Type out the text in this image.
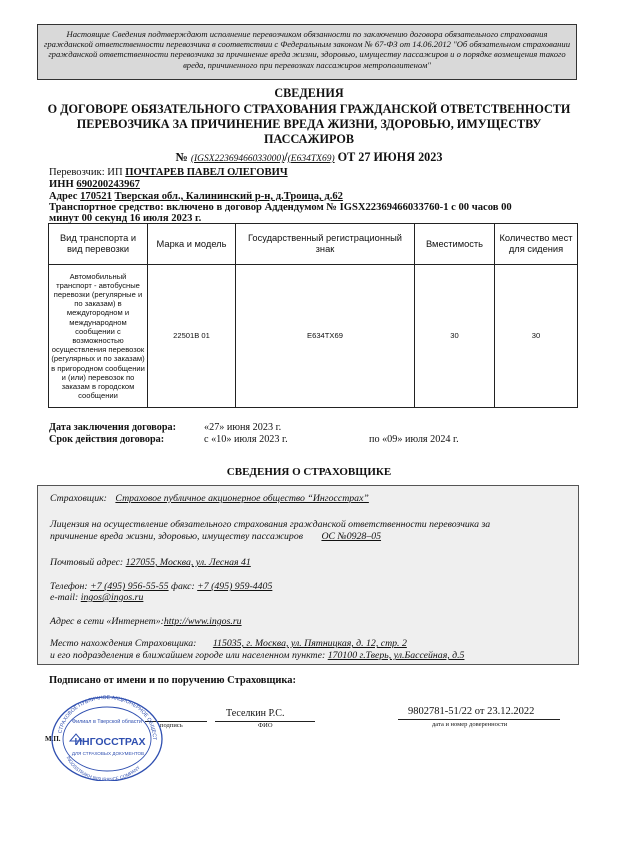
Настоящие Сведения подтверждают исполнение перевозчиком обязанности по заключению договора обязательного страхования гражданской ответственности перевозчика в соответствии с Федеральным законом № 67-ФЗ от 14.06.2012 "Об обязательном страховании гражданской ответственности перевозчика за причинение вреда жизни, здоровью, имуществу пассажиров и о порядке возмещения такого вреда, причиненного при перевозках пассажиров метрополитеном"
СВЕДЕНИЯ
О ДОГОВОРЕ ОБЯЗАТЕЛЬНОГО СТРАХОВАНИЯ ГРАЖДАНСКОЙ ОТВЕТСТВЕННОСТИ
ПЕРЕВОЗЧИКА ЗА ПРИЧИНЕНИЕ ВРЕДА ЖИЗНИ, ЗДОРОВЬЮ, ИМУЩЕСТВУ
ПАССАЖИРОВ
№ (IGSX22369466033000)/(E634TX69) ОТ 27 ИЮНЯ 2023
Перевозчик: ИП ПОЧТАРЕВ ПАВЕЛ ОЛЕГОВИЧ
ИНН 690200243967
Адрес 170521 Тверская обл., Калининский р-н, д.Троица, д.62
Транспортное средство: включено в договор Аддендумом № IGSX22369466033760-1 с 00 часов 00
минут 00 секунд 16 июля 2023 г.
Вид транспорта и вид перевозки	Марка и модель	Государственный регистрационный знак	Вместимость	Количество мест для сидения
Автомобильный транспорт - автобусные перевозки (регулярные и по заказам) в междугородном и международном сообщении с возможностью осуществления перевозок (регулярных и по заказам) в пригородном сообщении и (или) перевозок по заказам в городском сообщении	22501В 01	Е634ТХ69	30	30
Дата заключения договора:	«27» июня 2023 г.
Срок действия договора:	с «10» июля 2023 г.	по «09» июля 2024 г.
СВЕДЕНИЯ О СТРАХОВЩИКЕ
Страховщик: Страховое публичное акционерное общество “Ингосстрах”
Лицензия на осуществление обязательного страхования гражданской ответственности перевозчика за
причинение вреда жизни, здоровью, имуществу пассажиров ОС №0928–05
Почтовый адрес: 127055, Москва, ул. Лесная 41
Телефон: +7 (495) 956-55-55 факс: +7 (495) 959-4405
e-mail: ingos@ingos.ru
Адрес в сети «Интернет»:http://www.ingos.ru
Место нахождения Страховщика: 115035, г. Москва, ул. Пятницкая, д. 12, стр. 2
и его подразделения в ближайшем городе или населенном пункте: 170100 г.Тверь, ул.Бассейная, д.5
Подписано от имени и по поручению Страховщика:
подпись
Теселкин Р.С.
ФИО
9802781-51/22 от 23.12.2022
дата и номер доверенности
М.П.
СТРАХОВОЕ ПУБЛИЧНОЕ АКЦИОНЕРНОЕ ОБЩЕСТ
INGOSSTRAKH INSURANCE COMPANY
Филиал в Тверской области
ИНГОССТРАХ
ДЛЯ СТРАХОВЫХ ДОКУМЕНТОВ
